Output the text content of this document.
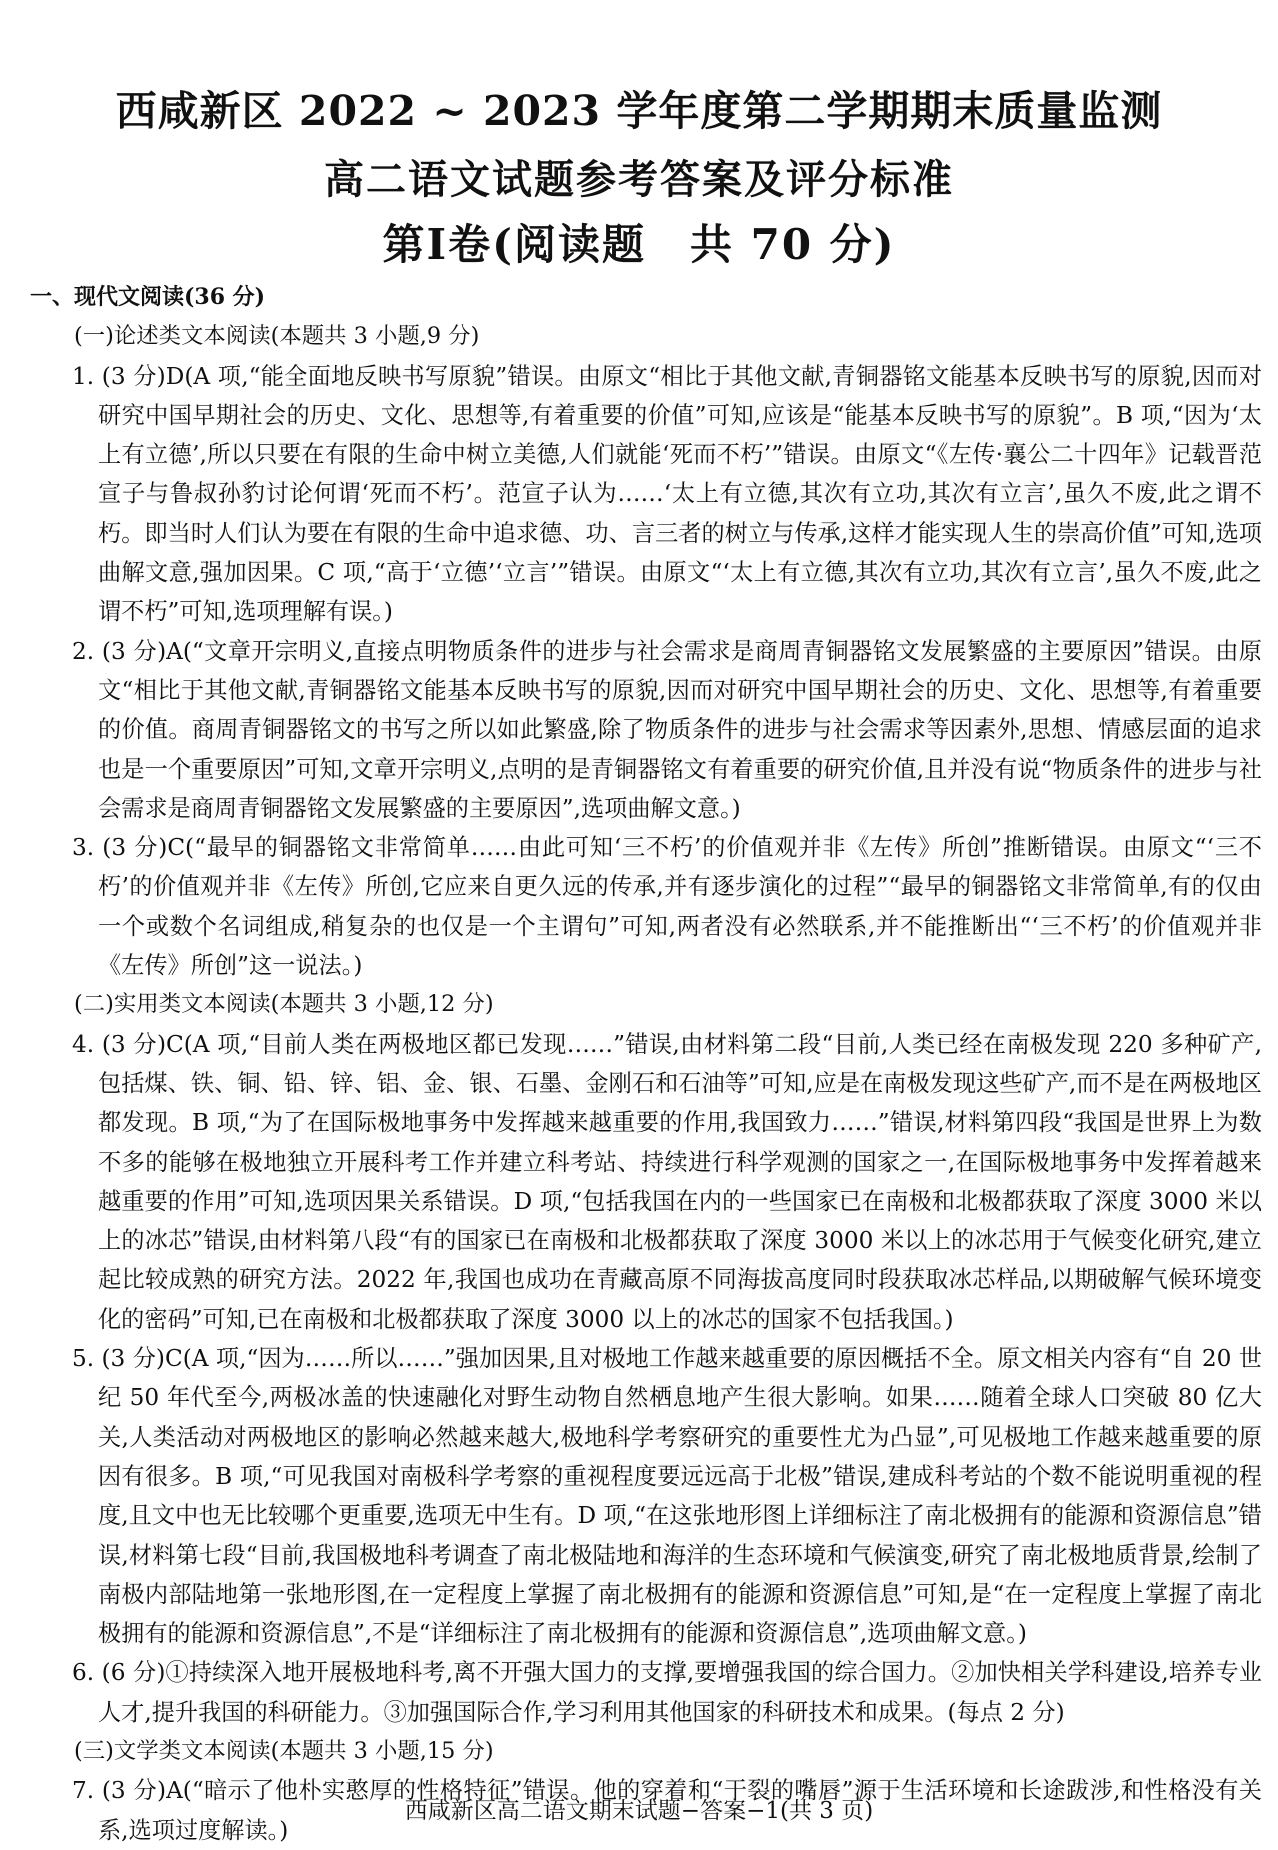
西咸新区 2022 ~ 2023 学年度第二学期期末质量监测
高二语文试题参考答案及评分标准
第Ⅰ卷(阅读题 共 70 分)
一、现代文阅读(36 分)
(一)论述类文本阅读(本题共 3 小题,9 分)
1. (3 分)D(A 项,“能全面地反映书写原貌”错误。由原文“相比于其他文献,青铜器铭文能基本反映书写的原貌,因而对研究中国早期社会的历史、文化、思想等,有着重要的价值”可知,应该是“能基本反映书写的原貌”。B 项,“因为‘太上有立德’,所以只要在有限的生命中树立美德,人们就能‘死而不朽’”错误。由原文“《左传·襄公二十四年》记载晋范宣子与鲁叔孙豹讨论何谓‘死而不朽’。范宣子认为……‘太上有立德,其次有立功,其次有立言’,虽久不废,此之谓不朽。即当时人们认为要在有限的生命中追求德、功、言三者的树立与传承,这样才能实现人生的崇高价值”可知,选项曲解文意,强加因果。C 项,“高于‘立德’‘立言’”错误。由原文“‘太上有立德,其次有立功,其次有立言’,虽久不废,此之谓不朽”可知,选项理解有误。)
2. (3 分)A(“文章开宗明义,直接点明物质条件的进步与社会需求是商周青铜器铭文发展繁盛的主要原因”错误。由原文“相比于其他文献,青铜器铭文能基本反映书写的原貌,因而对研究中国早期社会的历史、文化、思想等,有着重要的价值。商周青铜器铭文的书写之所以如此繁盛,除了物质条件的进步与社会需求等因素外,思想、情感层面的追求也是一个重要原因”可知,文章开宗明义,点明的是青铜器铭文有着重要的研究价值,且并没有说“物质条件的进步与社会需求是商周青铜器铭文发展繁盛的主要原因”,选项曲解文意。)
3. (3 分)C(“最早的铜器铭文非常简单……由此可知‘三不朽’的价值观并非《左传》所创”推断错误。由原文“‘三不朽’的价值观并非《左传》所创,它应来自更久远的传承,并有逐步演化的过程”“最早的铜器铭文非常简单,有的仅由一个或数个名词组成,稍复杂的也仅是一个主谓句”可知,两者没有必然联系,并不能推断出“‘三不朽’的价值观并非《左传》所创”这一说法。)
(二)实用类文本阅读(本题共 3 小题,12 分)
4. (3 分)C(A 项,“目前人类在两极地区都已发现……”错误,由材料第二段“目前,人类已经在南极发现 220 多种矿产,包括煤、铁、铜、铅、锌、铝、金、银、石墨、金刚石和石油等”可知,应是在南极发现这些矿产,而不是在两极地区都发现。B 项,“为了在国际极地事务中发挥越来越重要的作用,我国致力……”错误,材料第四段“我国是世界上为数不多的能够在极地独立开展科考工作并建立科考站、持续进行科学观测的国家之一,在国际极地事务中发挥着越来越重要的作用”可知,选项因果关系错误。D 项,“包括我国在内的一些国家已在南极和北极都获取了深度 3000 米以上的冰芯”错误,由材料第八段“有的国家已在南极和北极都获取了深度 3000 米以上的冰芯用于气候变化研究,建立起比较成熟的研究方法。2022 年,我国也成功在青藏高原不同海拔高度同时段获取冰芯样品,以期破解气候环境变化的密码”可知,已在南极和北极都获取了深度 3000 以上的冰芯的国家不包括我国。)
5. (3 分)C(A 项,“因为……所以……”强加因果,且对极地工作越来越重要的原因概括不全。原文相关内容有“自 20 世纪 50 年代至今,两极冰盖的快速融化对野生动物自然栖息地产生很大影响。如果……随着全球人口突破 80 亿大关,人类活动对两极地区的影响必然越来越大,极地科学考察研究的重要性尤为凸显”,可见极地工作越来越重要的原因有很多。B 项,“可见我国对南极科学考察的重视程度要远远高于北极”错误,建成科考站的个数不能说明重视的程度,且文中也无比较哪个更重要,选项无中生有。D 项,“在这张地形图上详细标注了南北极拥有的能源和资源信息”错误,材料第七段“目前,我国极地科考调查了南北极陆地和海洋的生态环境和气候演变,研究了南北极地质背景,绘制了南极内部陆地第一张地形图,在一定程度上掌握了南北极拥有的能源和资源信息”可知,是“在一定程度上掌握了南北极拥有的能源和资源信息”,不是“详细标注了南北极拥有的能源和资源信息”,选项曲解文意。)
6. (6 分)①持续深入地开展极地科考,离不开强大国力的支撑,要增强我国的综合国力。②加快相关学科建设,培养专业人才,提升我国的科研能力。③加强国际合作,学习利用其他国家的科研技术和成果。(每点 2 分)
(三)文学类文本阅读(本题共 3 小题,15 分)
7. (3 分)A(“暗示了他朴实憨厚的性格特征”错误。他的穿着和“干裂的嘴唇”源于生活环境和长途跋涉,和性格没有关系,选项过度解读。)
西咸新区高二语文期末试题−答案−1(共 3 页)
